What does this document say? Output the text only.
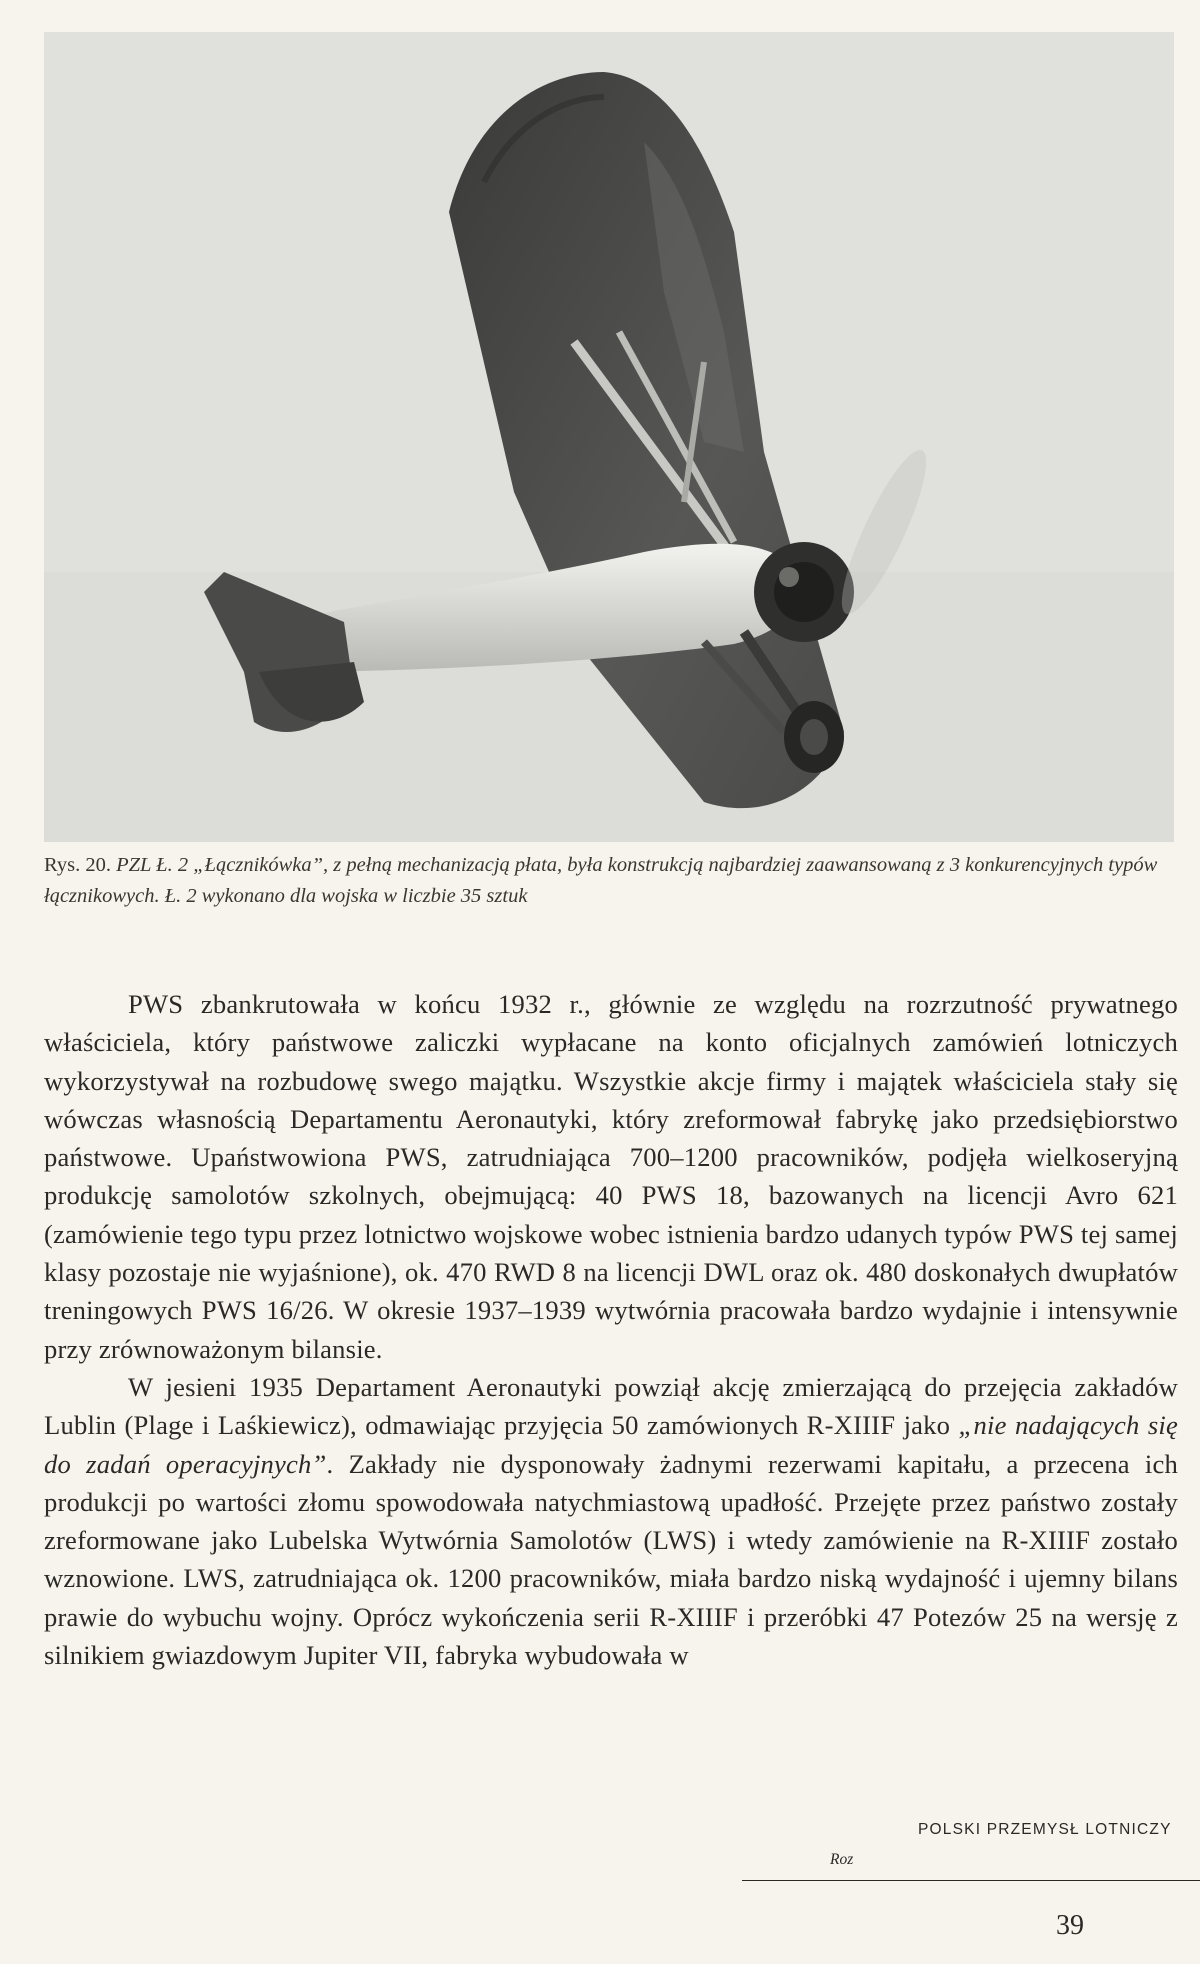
Rys. 20. PZL Ł. 2 „Łącznikówka”, z pełną mechanizacją płata, była konstrukcją najbardziej zaawansowaną z 3 konkurencyjnych typów łącznikowych. Ł. 2 wykonano dla wojska w liczbie 35 sztuk

PWS zbankrutowała w końcu 1932 r., głównie ze względu na rozrzutność prywatnego właściciela, który państwowe zaliczki wypłacane na konto oficjalnych zamówień lotniczych wykorzystywał na rozbudowę swego majątku. Wszystkie akcje firmy i majątek właściciela stały się wówczas własnością Departamentu Aeronautyki, który zreformował fabrykę jako przedsiębiorstwo państwowe. Upaństwowiona PWS, zatrudniająca 700–1200 pracowników, podjęła wielkoseryjną produkcję samolotów szkolnych, obejmującą: 40 PWS 18, bazowanych na licencji Avro 621 (zamówienie tego typu przez lotnictwo wojskowe wobec istnienia bardzo udanych typów PWS tej samej klasy pozostaje nie wyjaśnione), ok. 470 RWD 8 na licencji DWL oraz ok. 480 doskonałych dwupłatów treningowych PWS 16/26. W okresie 1937–1939 wytwórnia pracowała bardzo wydajnie i intensywnie przy zrównoważonym bilansie.

W jesieni 1935 Departament Aeronautyki powziął akcję zmierzającą do przejęcia zakładów Lublin (Plage i Laśkiewicz), odmawiając przyjęcia 50 zamówionych R-XIIIF jako „nie nadających się do zadań operacyjnych”. Zakłady nie dysponowały żadnymi rezerwami kapitału, a przecena ich produkcji po wartości złomu spowodowała natychmiastową upadłość. Przejęte przez państwo zostały zreformowane jako Lubelska Wytwórnia Samolotów (LWS) i wtedy zamówienie na R-XIIIF zostało wznowione. LWS, zatrudniająca ok. 1200 pracowników, miała bardzo niską wydajność i ujemny bilans prawie do wybuchu wojny. Oprócz wykończenia serii R-XIIIF i przeróbki 47 Potezów 25 na wersję z silnikiem gwiazdowym Jupiter VII, fabryka wybudowała w

POLSKI PRZEMYSŁ LOTNICZY
Roz
39
